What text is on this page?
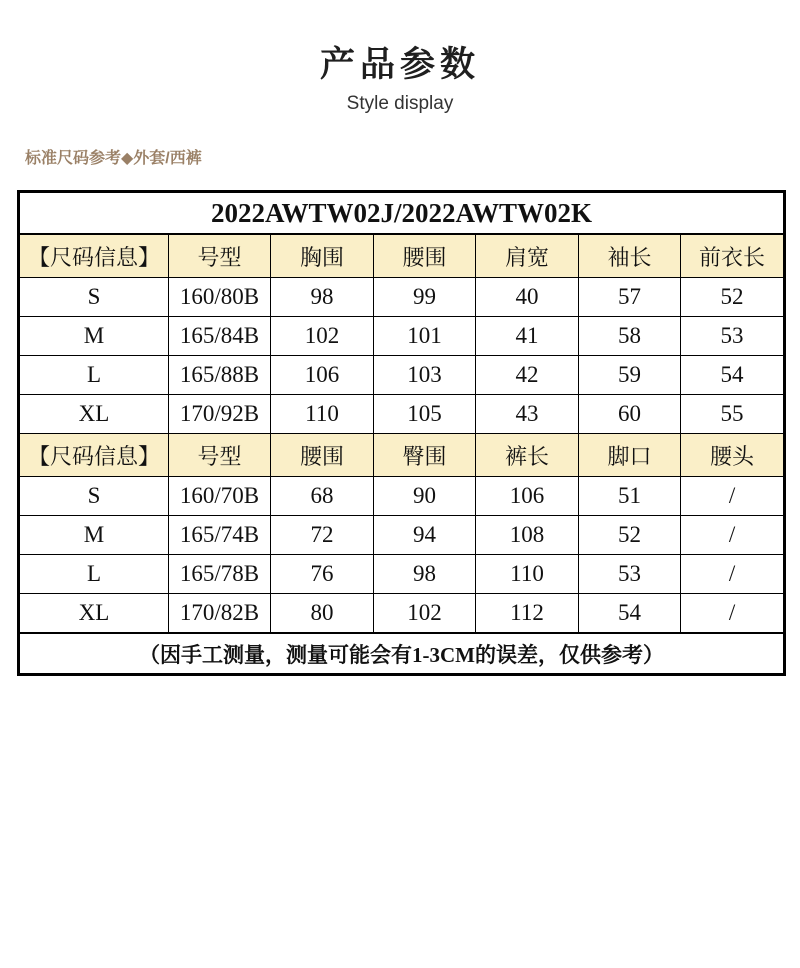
产品参数
Style display
标准尺码参考◆外套/西裤
2022AWTW02J/2022AWTW02K						
【尺码信息】	号型	胸围	腰围	肩宽	袖长	前衣长
S	160/80B	98	99	40	57	52
M	165/84B	102	101	41	58	53
L	165/88B	106	103	42	59	54
XL	170/92B	110	105	43	60	55
【尺码信息】	号型	腰围	臀围	裤长	脚口	腰头
S	160/70B	68	90	106	51	/
M	165/74B	72	94	108	52	/
L	165/78B	76	98	110	53	/
XL	170/82B	80	102	112	54	/
（因手工测量，测量可能会有1-3CM的误差，仅供参考）						
